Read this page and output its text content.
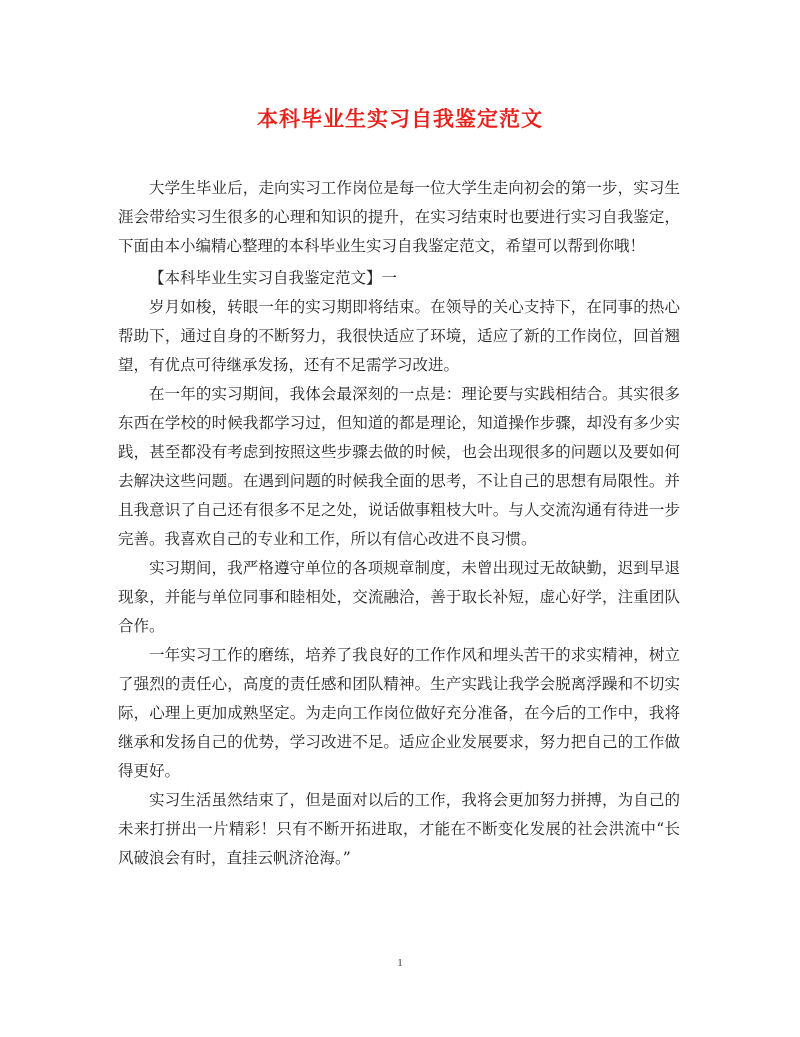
本科毕业生实习自我鉴定范文

大学生毕业后，走向实习工作岗位是每一位大学生走向初会的第一步，实习生涯会带给实习生很多的心理和知识的提升，在实习结束时也要进行实习自我鉴定，下面由本小编精心整理的本科毕业生实习自我鉴定范文，希望可以帮到你哦！

【本科毕业生实习自我鉴定范文】一

岁月如梭，转眼一年的实习期即将结束。在领导的关心支持下，在同事的热心帮助下，通过自身的不断努力，我很快适应了环境，适应了新的工作岗位，回首翘望，有优点可待继承发扬，还有不足需学习改进。

在一年的实习期间，我体会最深刻的一点是：理论要与实践相结合。其实很多东西在学校的时候我都学习过，但知道的都是理论，知道操作步骤，却没有多少实践，甚至都没有考虑到按照这些步骤去做的时候，也会出现很多的问题以及要如何去解决这些问题。在遇到问题的时候我全面的思考，不让自己的思想有局限性。并且我意识了自己还有很多不足之处，说话做事粗枝大叶。与人交流沟通有待进一步完善。我喜欢自己的专业和工作，所以有信心改进不良习惯。

实习期间，我严格遵守单位的各项规章制度，未曾出现过无故缺勤，迟到早退现象，并能与单位同事和睦相处，交流融洽，善于取长补短，虚心好学，注重团队合作。

一年实习工作的磨练，培养了我良好的工作作风和埋头苦干的求实精神，树立了强烈的责任心，高度的责任感和团队精神。生产实践让我学会脱离浮躁和不切实际，心理上更加成熟坚定。为走向工作岗位做好充分准备，在今后的工作中，我将继承和发扬自己的优势，学习改进不足。适应企业发展要求，努力把自己的工作做得更好。

实习生活虽然结束了，但是面对以后的工作，我将会更加努力拼搏，为自己的未来打拼出一片精彩！只有不断开拓进取，才能在不断变化发展的社会洪流中“长风破浪会有时，直挂云帆济沧海。”

1
